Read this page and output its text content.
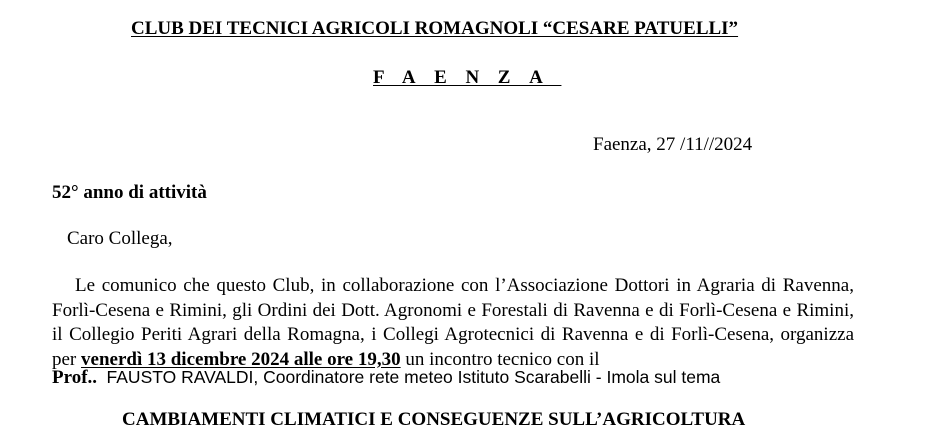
CLUB DEI TECNICI AGRICOLI ROMAGNOLI “CESARE PATUELLI”
FAENZA
Faenza, 27 /11//2024
52° anno di attività
Caro Collega,
Le comunico che questo Club, in collaborazione con l’Associazione Dottori in Agraria di Ravenna, Forlì-Cesena e Rimini, gli Ordini dei Dott. Agronomi e Forestali di Ravenna e di Forlì-Cesena e Rimini, il Collegio Periti Agrari della Romagna, i Collegi Agrotecnici di Ravenna e di Forlì-Cesena, organizza per venerdì 13 dicembre 2024 alle ore 19,30 un incontro tecnico con il
Prof.. FAUSTO RAVALDI, Coordinatore rete meteo Istituto Scarabelli - Imola sul tema
CAMBIAMENTI CLIMATICI E CONSEGUENZE SULL’AGRICOLTURA
